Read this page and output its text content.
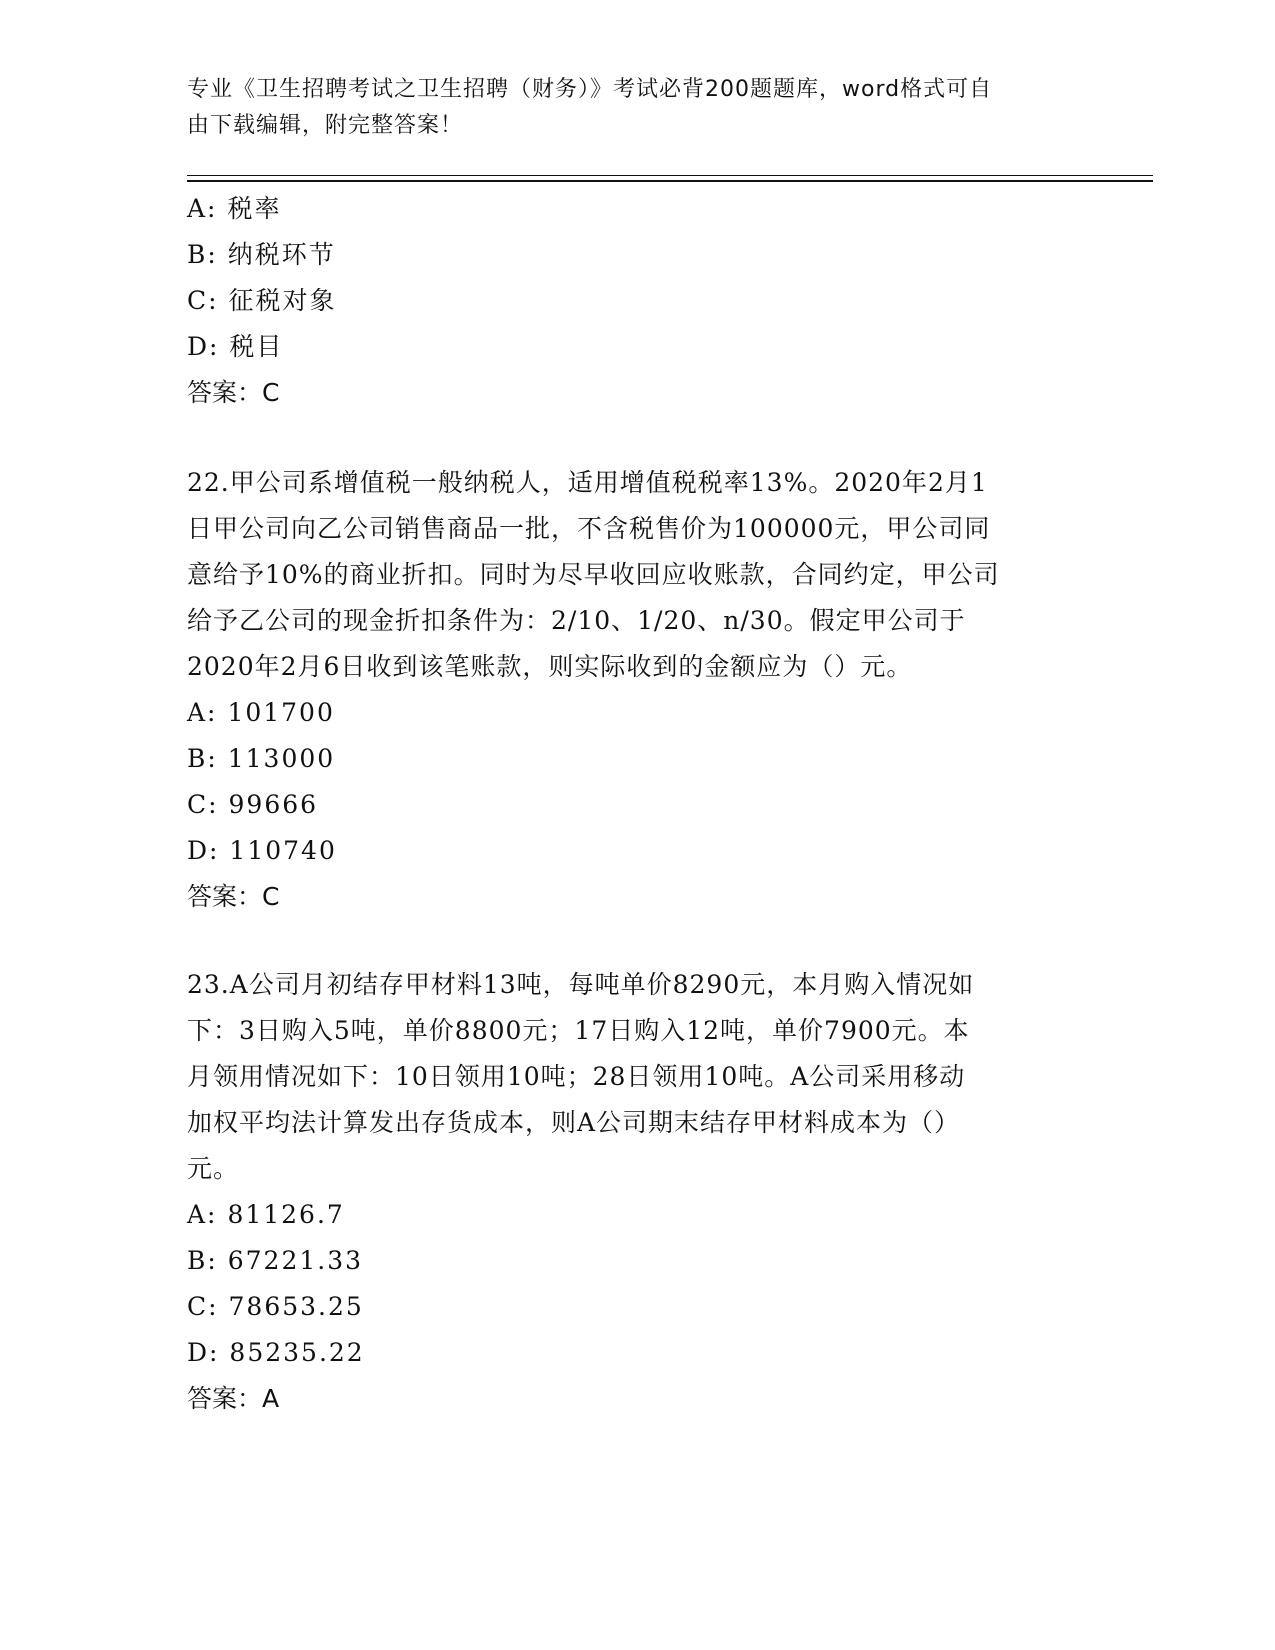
专业《卫生招聘考试之卫生招聘（财务）》考试必背200题题库，word格式可自
由下载编辑，附完整答案！
A: 税率
B: 纳税环节
C: 征税对象
D: 税目
答案：C
22.甲公司系增值税一般纳税人，适用增值税税率13%。2020年2月1
日甲公司向乙公司销售商品一批，不含税售价为100000元，甲公司同
意给予10%的商业折扣。同时为尽早收回应收账款，合同约定，甲公司
给予乙公司的现金折扣条件为：2/10、1/20、n/30。假定甲公司于
2020年2月6日收到该笔账款，则实际收到的金额应为（）元。
A: 101700
B: 113000
C: 99666
D: 110740
答案：C
23.A公司月初结存甲材料13吨，每吨单价8290元，本月购入情况如
下：3日购入5吨，单价8800元；17日购入12吨，单价7900元。本
月领用情况如下：10日领用10吨；28日领用10吨。A公司采用移动
加权平均法计算发出存货成本，则A公司期末结存甲材料成本为（）
元。
A: 81126.7
B: 67221.33
C: 78653.25
D: 85235.22
答案：A
